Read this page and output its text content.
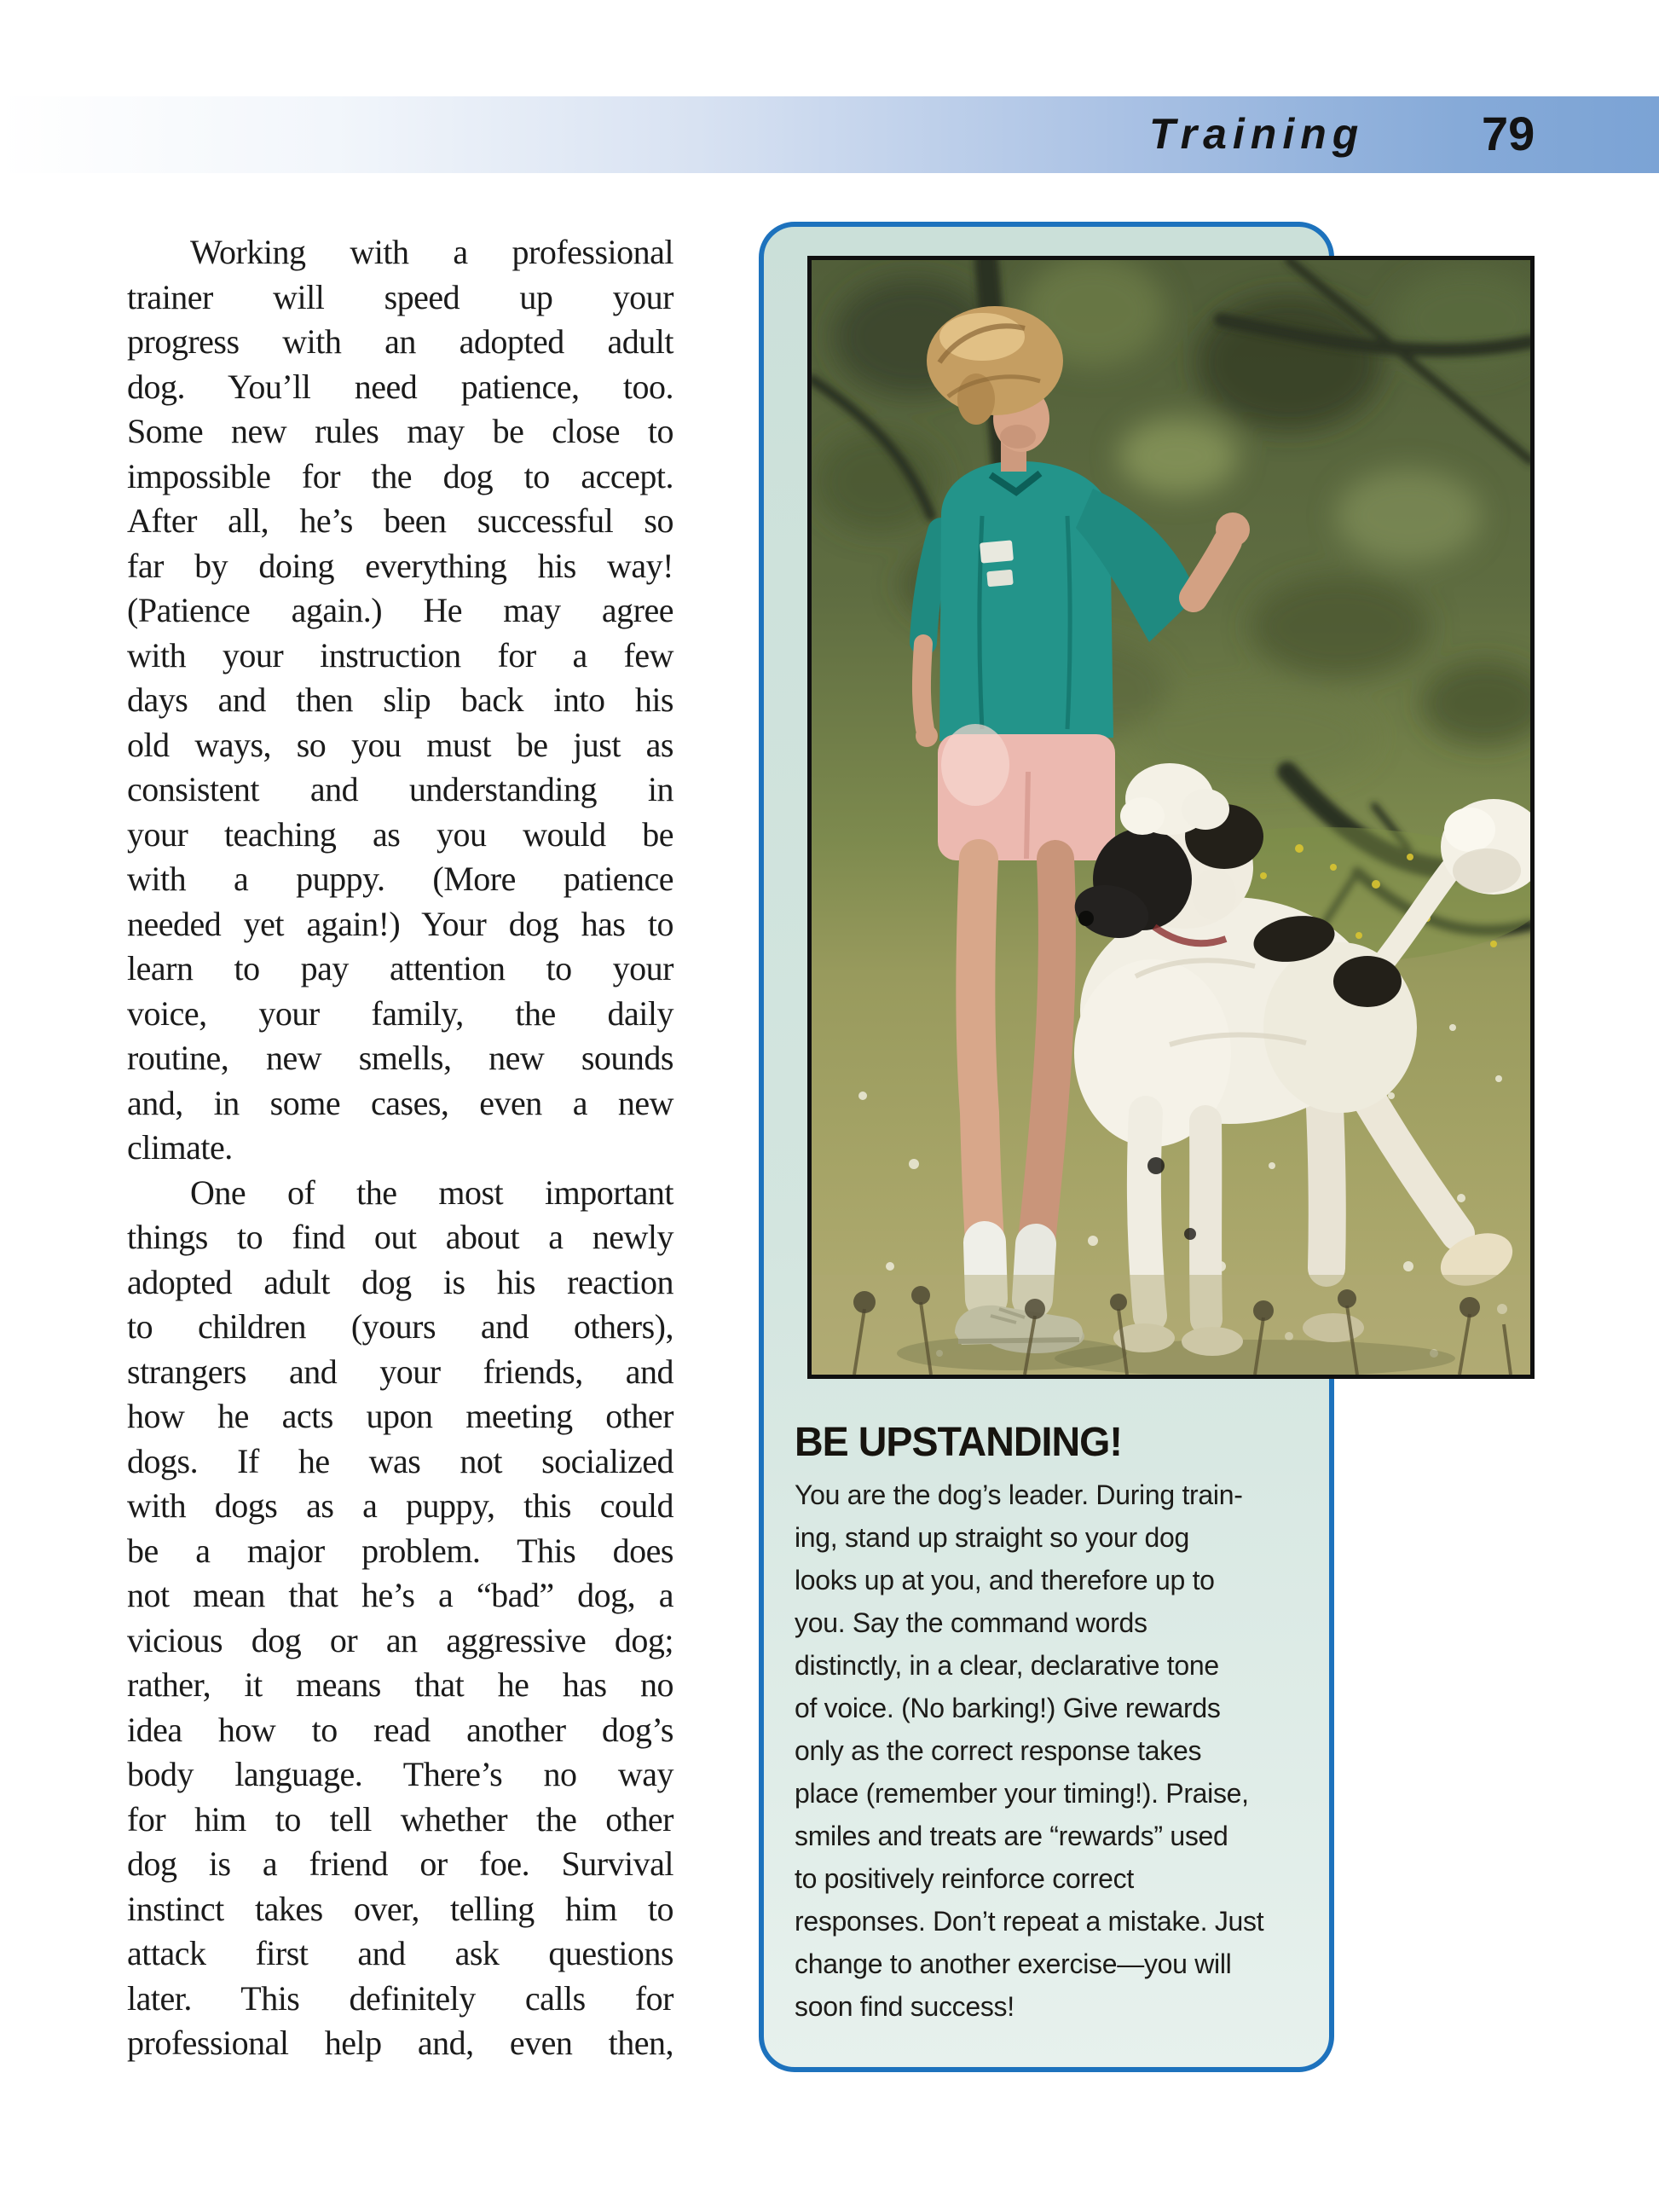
Training 79
Working with a professional
trainer will speed up your
progress with an adopted adult
dog. You’ll need patience, too.
Some new rules may be close to
impossible for the dog to accept.
After all, he’s been successful so
far by doing everything his way!
(Patience again.) He may agree
with your instruction for a few
days and then slip back into his
old ways, so you must be just as
consistent and understanding in
your teaching as you would be
with a puppy. (More patience
needed yet again!) Your dog has to
learn to pay attention to your
voice, your family, the daily
routine, new smells, new sounds
and, in some cases, even a new
climate.
One of the most important
things to find out about a newly
adopted adult dog is his reaction
to children (yours and others),
strangers and your friends, and
how he acts upon meeting other
dogs. If he was not socialized
with dogs as a puppy, this could
be a major problem. This does
not mean that he’s a “bad” dog, a
vicious dog or an aggressive dog;
rather, it means that he has no
idea how to read another dog’s
body language. There’s no way
for him to tell whether the other
dog is a friend or foe. Survival
instinct takes over, telling him to
attack first and ask questions
later. This definitely calls for
professional help and, even then,
BE UPSTANDING!
You are the dog’s leader. During train-
ing, stand up straight so your dog
looks up at you, and therefore up to
you. Say the command words
distinctly, in a clear, declarative tone
of voice. (No barking!) Give rewards
only as the correct response takes
place (remember your timing!). Praise,
smiles and treats are “rewards” used
to positively reinforce correct
responses. Don’t repeat a mistake. Just
change to another exercise—you will
soon find success!
